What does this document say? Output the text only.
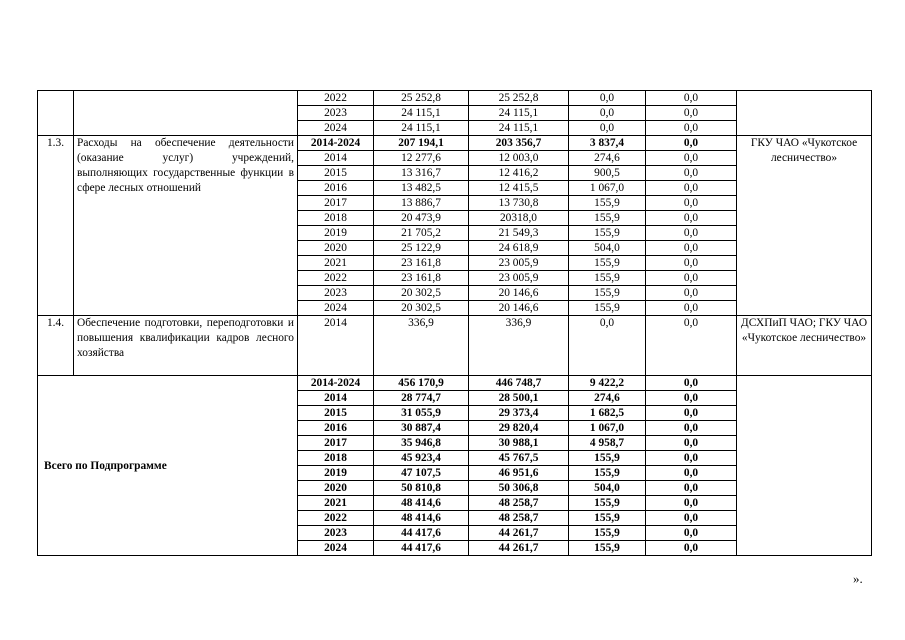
		2022	25 252,8	25 252,8	0,0	0,0	
		2023	24 115,1	24 115,1	0,0	0,0	
		2024	24 115,1	24 115,1	0,0	0,0	
1.3.	Расходы на обеспечение деятельности (оказание услуг) учреждений, выполняющих государственные функции в сфере лесных отношений	2014-2024	207 194,1	203 356,7	3 837,4	0,0	ГКУ ЧАО «Чукотское лесничество»
		2014	12 277,6	12 003,0	274,6	0,0	
		2015	13 316,7	12 416,2	900,5	0,0	
		2016	13 482,5	12 415,5	1 067,0	0,0	
		2017	13 886,7	13 730,8	155,9	0,0	
		2018	20 473,9	20318,0	155,9	0,0	
		2019	21 705,2	21 549,3	155,9	0,0	
		2020	25 122,9	24 618,9	504,0	0,0	
		2021	23 161,8	23 005,9	155,9	0,0	
		2022	23 161,8	23 005,9	155,9	0,0	
		2023	20 302,5	20 146,6	155,9	0,0	
		2024	20 302,5	20 146,6	155,9	0,0	
1.4.	Обеспечение подготовки, переподготовки и повышения квалификации кадров лесного хозяйства	2014	336,9	336,9	0,0	0,0	ДСХПиП ЧАО; ГКУ ЧАО «Чукотское лесничество»
Всего по Подпрограмме		2014-2024	456 170,9	446 748,7	9 422,2	0,0	
		2014	28 774,7	28 500,1	274,6	0,0	
		2015	31 055,9	29 373,4	1 682,5	0,0	
		2016	30 887,4	29 820,4	1 067,0	0,0	
		2017	35 946,8	30 988,1	4 958,7	0,0	
		2018	45 923,4	45 767,5	155,9	0,0	
		2019	47 107,5	46 951,6	155,9	0,0	
		2020	50 810,8	50 306,8	504,0	0,0	
		2021	48 414,6	48 258,7	155,9	0,0	
		2022	48 414,6	48 258,7	155,9	0,0	
		2023	44 417,6	44 261,7	155,9	0,0	
		2024	44 417,6	44 261,7	155,9	0,0	
».
